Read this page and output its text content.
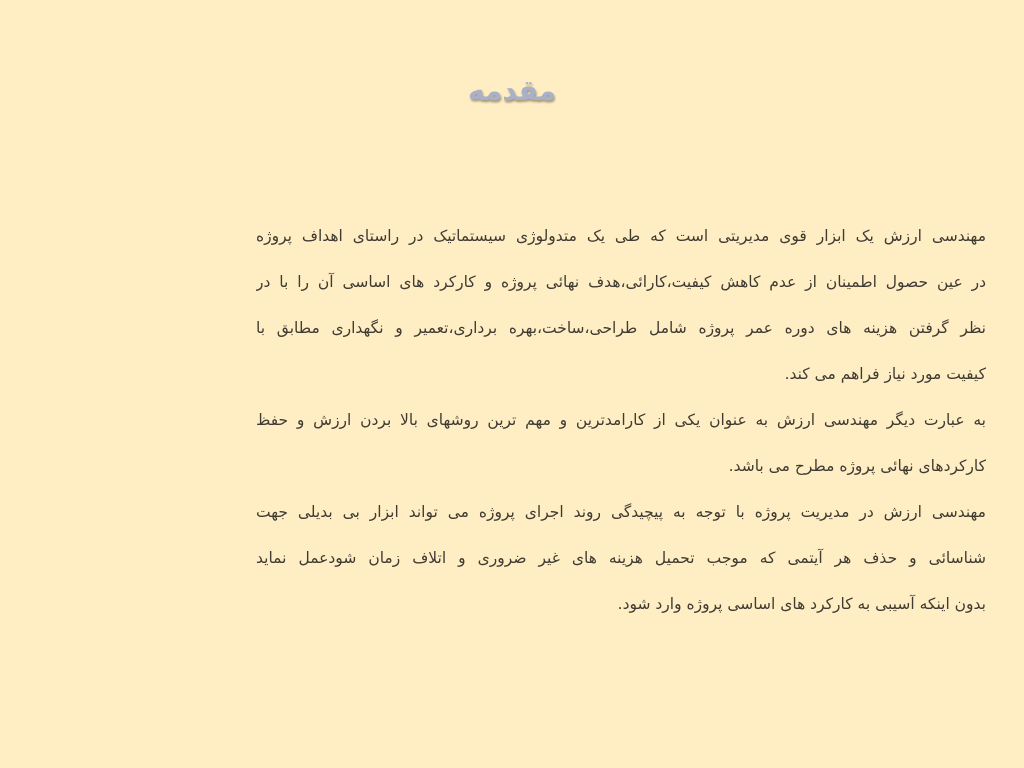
مقدمه
مهندسی ارزش یک ابزار قوی مدیریتی است که طی یک متدولوژی سیستماتیک در راستای اهداف پروژه
در عین حصول اطمینان از عدم کاهش کیفیت،کارائی،هدف نهائی پروژه و کارکرد های اساسی آن را با در
نظر گرفتن هزینه های دوره عمر پروژه شامل طراحی،ساخت،بهره برداری،تعمیر و نگهداری مطابق با
کیفیت مورد نیاز فراهم می کند.
به عبارت دیگر مهندسی ارزش به عنوان یکی از کارامدترین و مهم ترین روشهای بالا بردن ارزش و حفظ
کارکردهای نهائی پروژه مطرح می باشد.
مهندسی ارزش در مدیریت پروژه با توجه به پیچیدگی روند اجرای پروژه می تواند ابزار بی بدیلی جهت
شناسائی و حذف هر آیتمی که موجب تحمیل هزینه های غیر ضروری و اتلاف زمان شودعمل نماید
بدون اینکه آسیبی به کارکرد های اساسی پروژه وارد شود.
